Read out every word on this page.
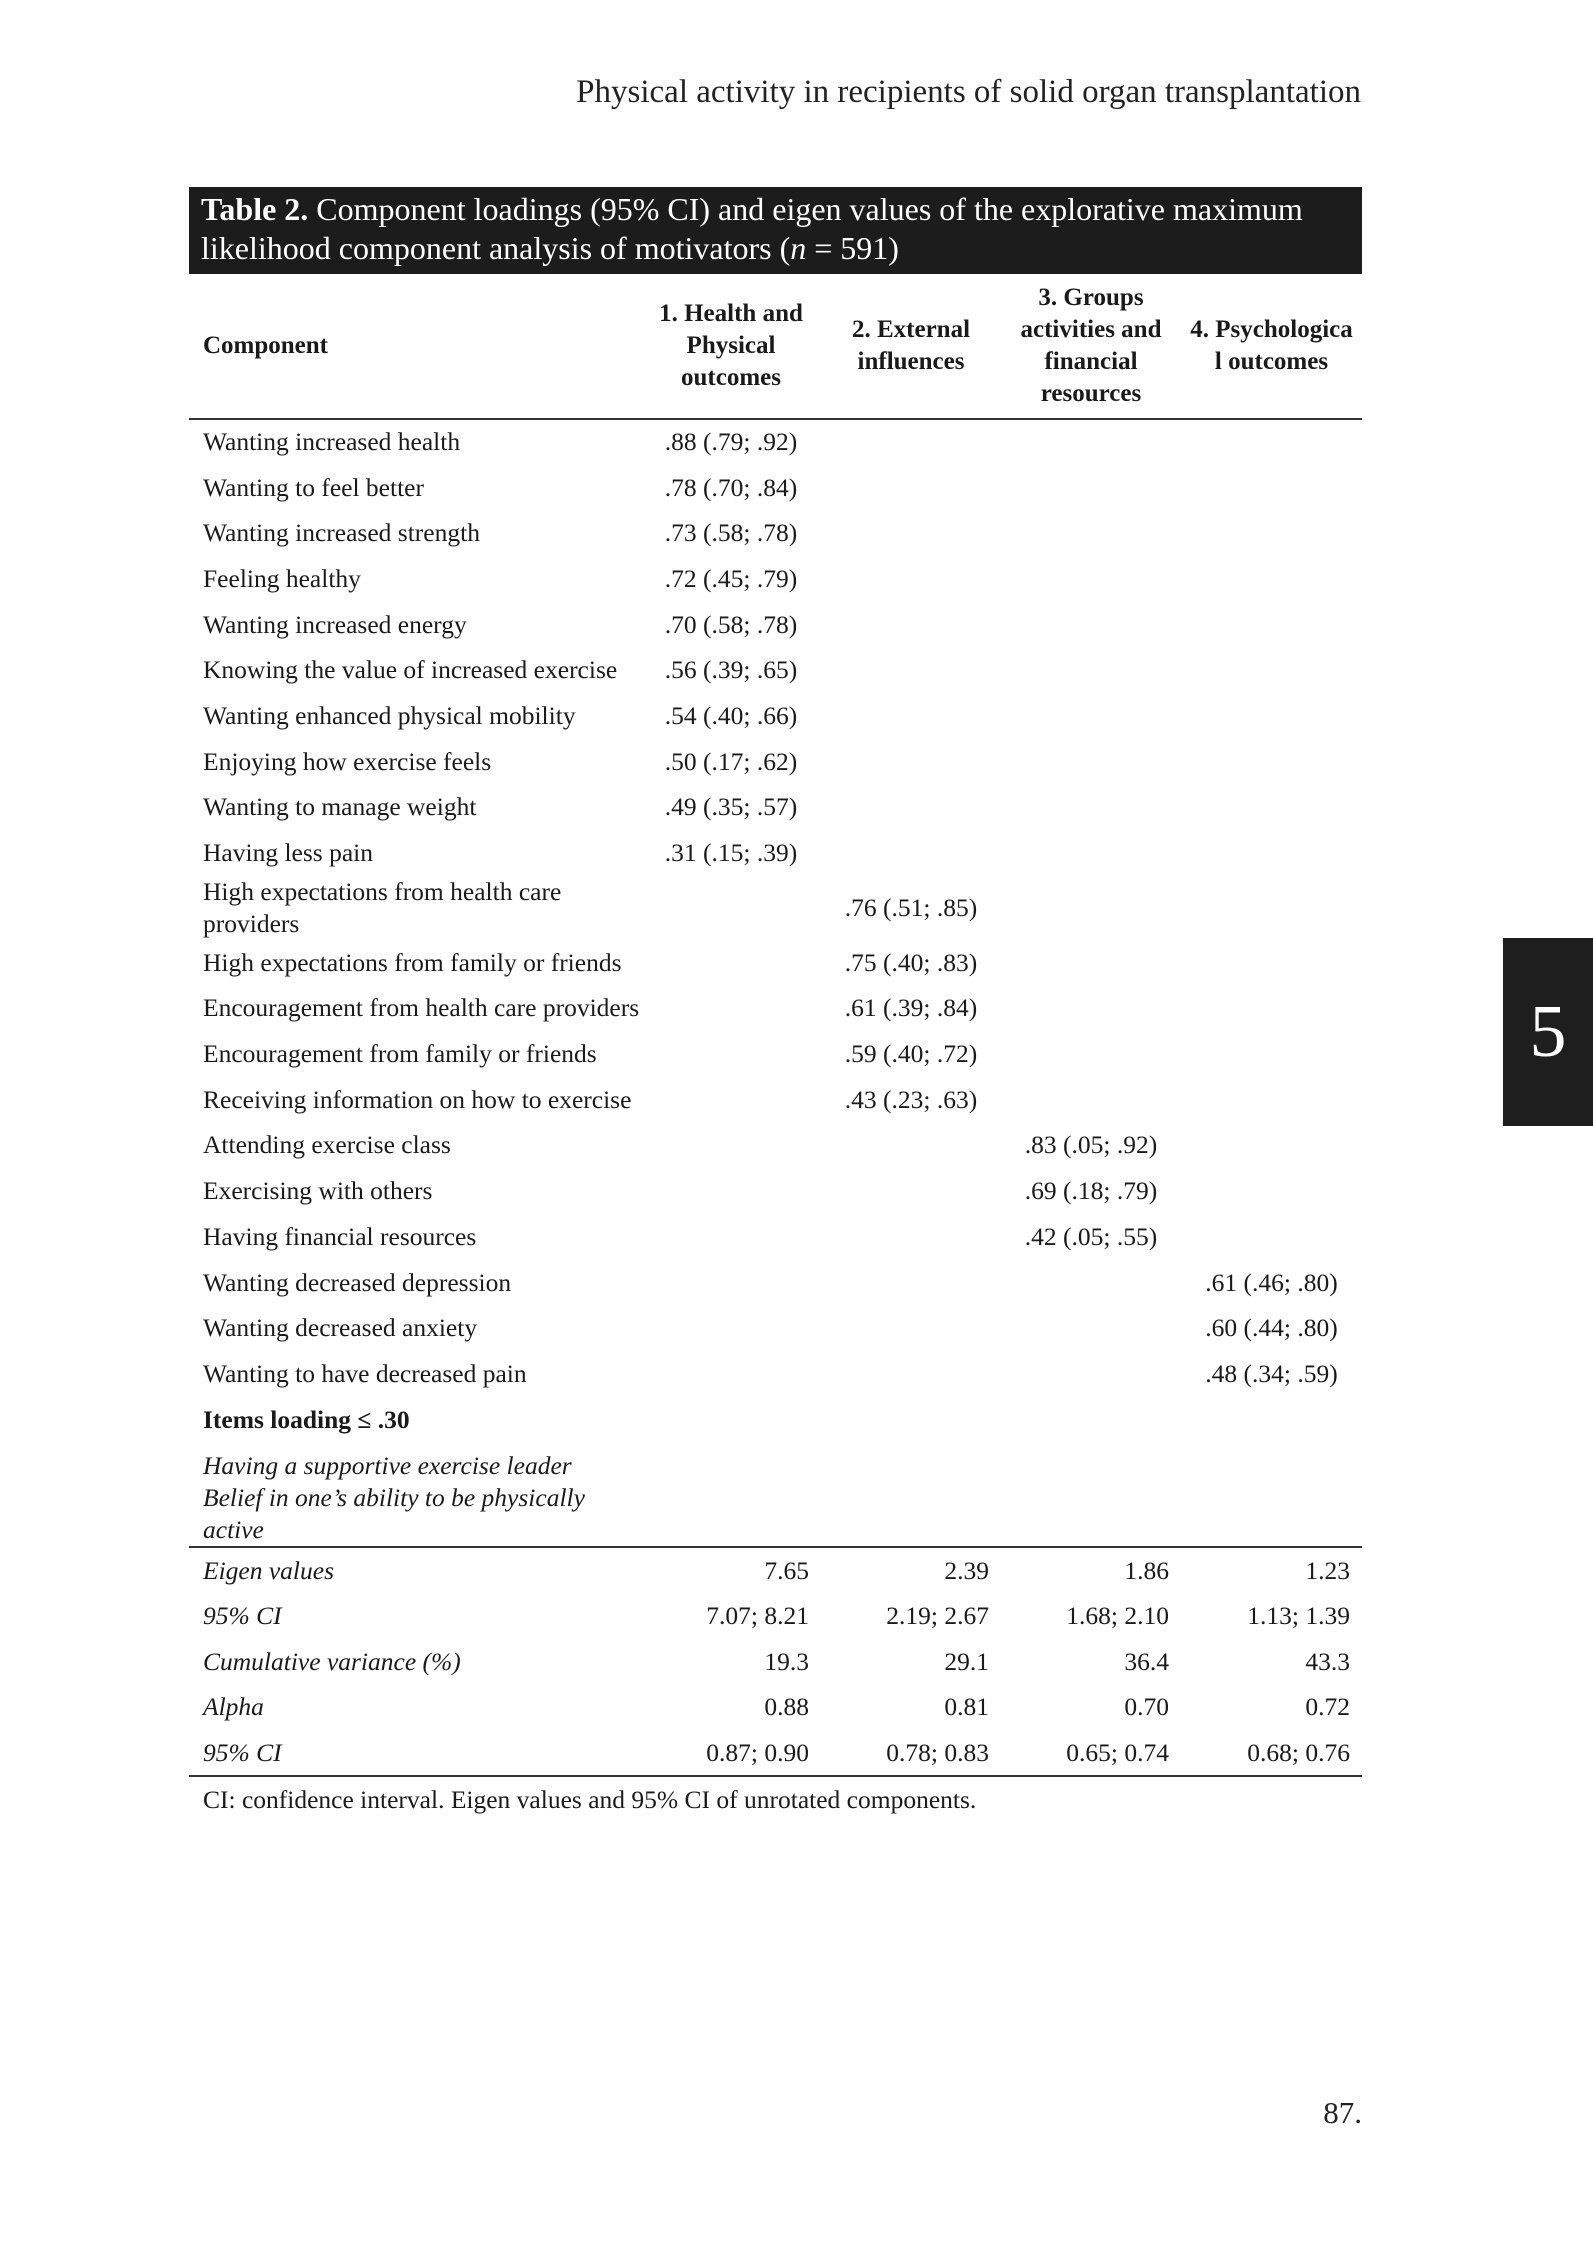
Physical activity in recipients of solid organ transplantation
Table 2. Component loadings (95% CI) and eigen values of the explorative maximum likelihood component analysis of motivators (n = 591)
Component	1. Health and Physical outcomes	2. External influences	3. Groups activities and financial resources	4. Psychologica l outcomes
Wanting increased health	.88 (.79; .92)			
Wanting to feel better	.78 (.70; .84)			
Wanting increased strength	.73 (.58; .78)			
Feeling healthy	.72 (.45; .79)			
Wanting increased energy	.70 (.58; .78)			
Knowing the value of increased exercise	.56 (.39; .65)			
Wanting enhanced physical mobility	.54 (.40; .66)			
Enjoying how exercise feels	.50 (.17; .62)			
Wanting to manage weight	.49 (.35; .57)			
Having less pain	.31 (.15; .39)			
High expectations from health care providers		.76 (.51; .85)		
High expectations from family or friends		.75 (.40; .83)		
Encouragement from health care providers		.61 (.39; .84)		
Encouragement from family or friends		.59 (.40; .72)		
Receiving information on how to exercise		.43 (.23; .63)		
Attending exercise class			.83 (.05; .92)	
Exercising with others			.69 (.18; .79)	
Having financial resources			.42 (.05; .55)	
Wanting decreased depression				.61 (.46; .80)
Wanting decreased anxiety				.60 (.44; .80)
Wanting to have decreased pain				.48 (.34; .59)
Items loading ≤ .30				

Having a supportive exercise leader
Belief in one’s ability to be physically active				

Eigen values	7.65	2.39	1.86	1.23
95% CI	7.07; 8.21	2.19; 2.67	1.68; 2.10	1.13; 1.39
Cumulative variance (%)	19.3	29.1	36.4	43.3
Alpha	0.88	0.81	0.70	0.72
95% CI	0.87; 0.90	0.78; 0.83	0.65; 0.74	0.68; 0.76
CI: confidence interval. Eigen values and 95% CI of unrotated components.
5
87.
